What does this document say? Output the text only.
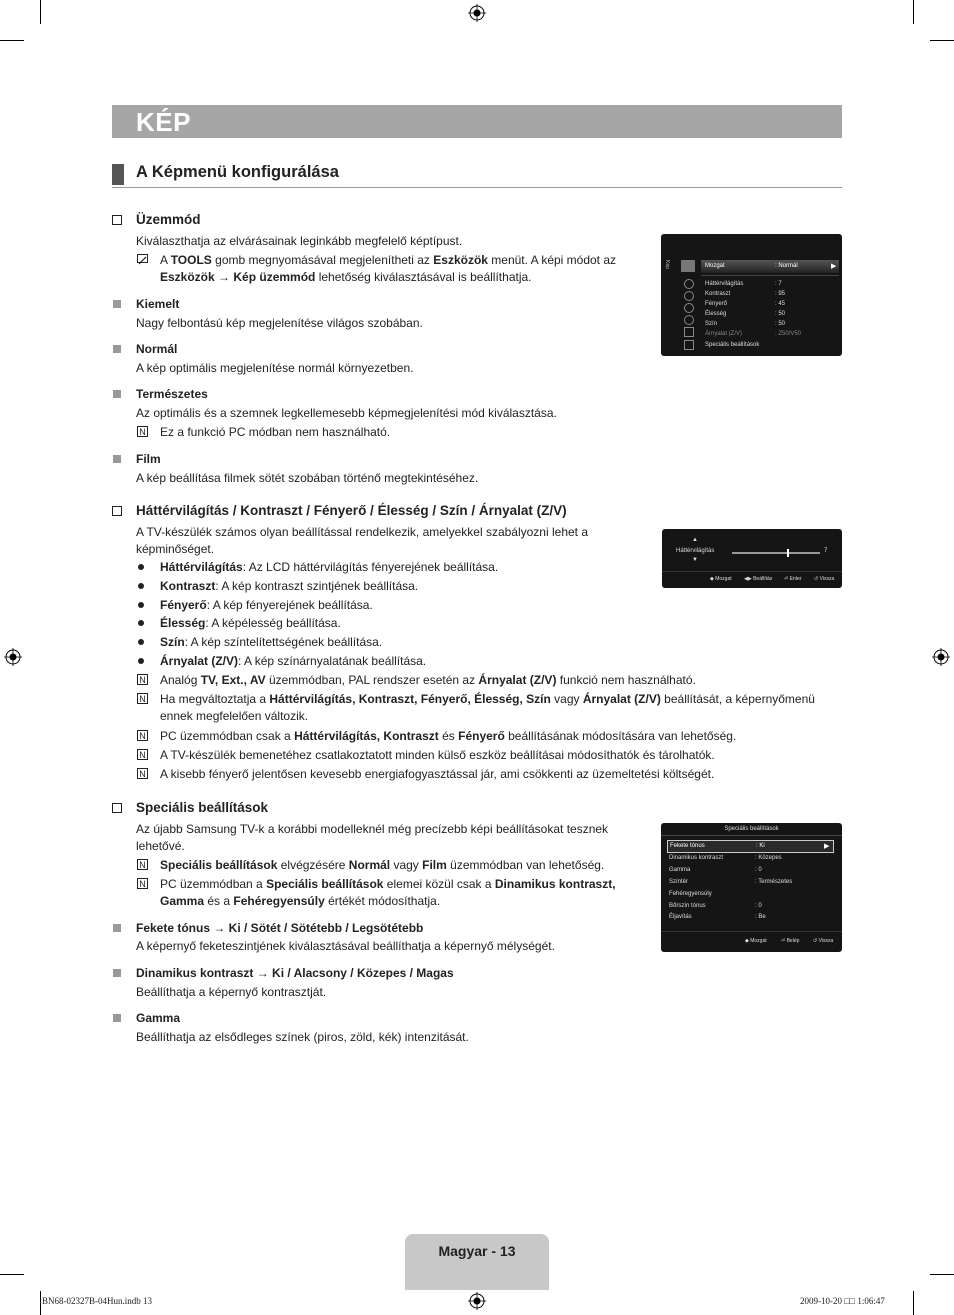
KÉP
A Képmenü konfigurálása
Üzemmód
Kiválaszthatja az elvárásainak leginkább megfelelő képtípust.
A TOOLS gomb megnyomásával megjelenítheti az Eszközök menüt. A képi módot az
Eszközök → Kép üzemmód lehetőség kiválasztásával is beállíthatja.
Kiemelt
Nagy felbontású kép megjelenítése világos szobában.
Normál
A kép optimális megjelenítése normál környezetben.
Természetes
Az optimális és a szemnek legkellemesebb képmegjelenítési mód kiválasztása.
N Ez a funkció PC módban nem használható.
Film
A kép beállítása filmek sötét szobában történő megtekintéséhez.
Kép	Mozgat	: Normál	▶
Háttérvilágítás	: 7
Kontraszt	: 95
Fényerő	: 45
Élesség	: 50
Szín	: 50
Árnyalat (Z/V)	: Z50/V50
Speciális beállítások
Háttérvilágítás / Kontraszt / Fényerő / Élesség / Szín / Árnyalat (Z/V)
A TV-készülék számos olyan beállítással rendelkezik, amelyekkel szabályozni lehet a
képminőséget.
Háttérvilágítás: Az LCD háttérvilágítás fényerejének beállítása.
Kontraszt: A kép kontraszt szintjének beállítása.
Fényerő: A kép fényerejének beállítása.
Élesség: A képélesség beállítása.
Szín: A kép színtelítettségének beállítása.
Árnyalat (Z/V): A kép színárnyalatának beállítása.
N Analóg TV, Ext., AV üzemmódban, PAL rendszer esetén az Árnyalat (Z/V) funkció nem használható.
N Ha megváltoztatja a Háttérvilágítás, Kontraszt, Fényerő, Élesség, Szín vagy Árnyalat (Z/V) beállítását, a képernyőmenü
ennek megfelelően változik.
N PC üzemmódban csak a Háttérvilágítás, Kontraszt és Fényerő beállításának módosítására van lehetőség.
N A TV-készülék bemenetéhez csatlakoztatott minden külső eszköz beállításai módosíthatók és tárolhatók.
N A kisebb fényerő jelentősen kevesebb energiafogyasztással jár, ami csökkenti az üzemeltetési költségét.
▲
Háttérvilágítás
▼
7
◆ Mozgat ◀▶ Beállítás ⏎ Enter ↺ Vissza
Speciális beállítások
Az újabb Samsung TV-k a korábbi modelleknél még precízebb képi beállításokat tesznek
lehetővé.
N Speciális beállítások elvégzésére Normál vagy Film üzemmódban van lehetőség.
N PC üzemmódban a Speciális beállítások elemei közül csak a Dinamikus kontraszt,
Gamma és a Fehéregyensúly értékét módosíthatja.
Fekete tónus → Ki / Sötét / Sötétebb / Legsötétebb
A képernyő feketeszintjének kiválasztásával beállíthatja a képernyő mélységét.
Dinamikus kontraszt → Ki / Alacsony / Közepes / Magas
Beállíthatja a képernyő kontrasztját.
Gamma
Beállíthatja az elsődleges színek (piros, zöld, kék) intenzitását.
Speciális beállítások
Fekete tónus	: Ki	▶
Dinamikus kontraszt	: Közepes
Gamma	: 0
Színtér	: Természetes
Fehéregyensúly
Bőrszín tónus	: 0
Éljavítás	: Be
◆ Mozgat	⏎ Belép	↺ Vissza
Magyar - 13
BN68-02327B-04Hun.indb 13	2009-10-20 □□ 1:06:47
